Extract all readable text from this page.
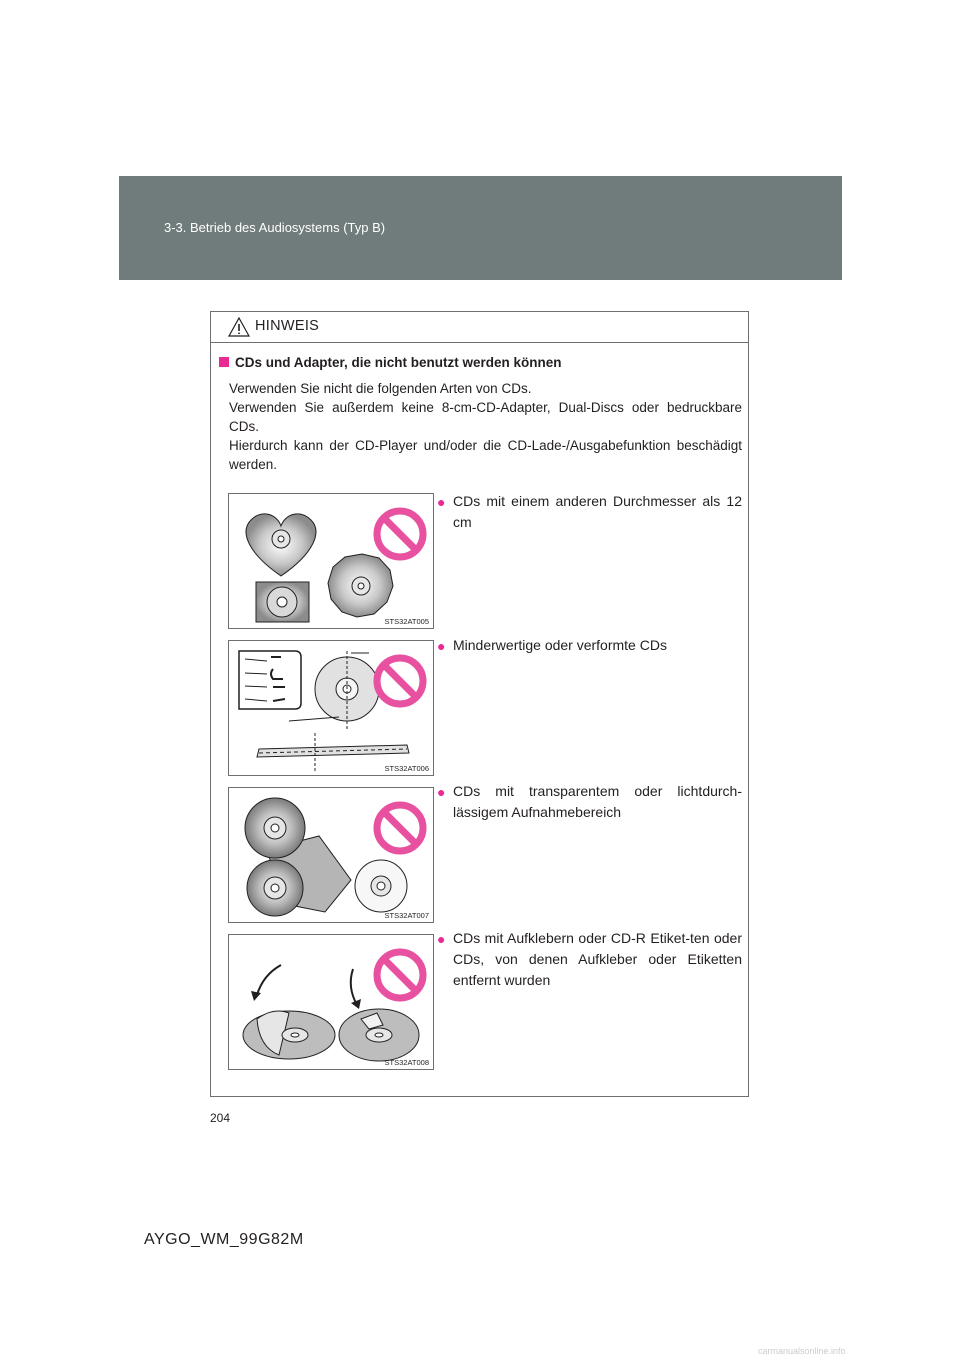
3-3. Betrieb des Audiosystems (Typ B)
HINWEIS
CDs und Adapter, die nicht benutzt werden können

Verwenden Sie nicht die folgenden Arten von CDs.

Verwenden Sie außerdem keine 8-cm-CD-Adapter, Dual-Discs oder bedruckbare CDs.

Hierdurch kann der CD-Player und/oder die CD-Lade-/Ausgabefunktion beschädigt werden.

STS32AT005
● CDs mit einem anderen Durchmesser als 12 cm
STS32AT006
● Minderwertige oder verformte CDs
STS32AT007
● CDs mit transparentem oder lichtdurch-lässigem Aufnahmebereich
STS32AT008
● CDs mit Aufklebern oder CD-R Etiket-ten oder CDs, von denen Aufkleber oder Etiketten entfernt wurden
204
AYGO_WM_99G82M
carmanualsonline.info
